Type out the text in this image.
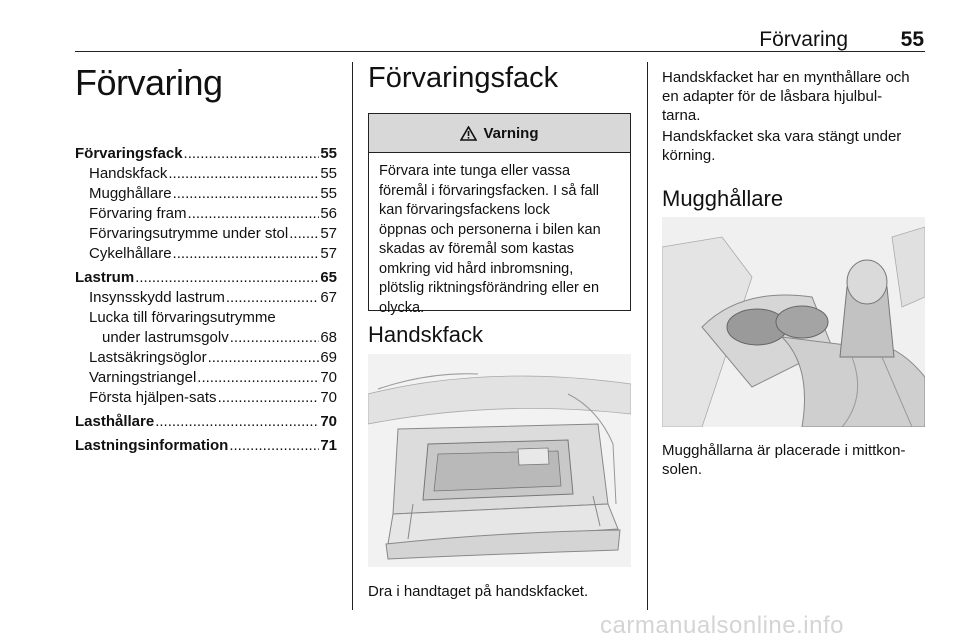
Förvaring	55
Förvaring
Förvaringsfack .....	55
Handskfack .....	55
Mugghållare .....	55
Förvaring fram .....	56
Förvaringsutrymme under stol ..... 57
Cykelhållare .....	57
Lastrum .....	65
Insynsskydd lastrum .....	67
Lucka till förvaringsutrymme
under lastrumsgolv .....	68
Lastsäkringsöglor .....	69
Varningstriangel .....	70
Första hjälpen-sats .....	70
Lasthållare .....	70
Lastningsinformation .....	71
Förvaringsfack
Varning
Förvara inte tunga eller vassa
föremål i förvaringsfacken. I så fall
kan förvaringsfackens lock
öppnas och personerna i bilen kan
skadas av föremål som kastas
omkring vid hård inbromsning,
plötslig riktningsförändring eller en
olycka.
Handskfack
Dra i handtaget på handskfacket.
Handskfacket har en mynthållare och
en adapter för de låsbara hjulbul-
tarna.
Handskfacket ska vara stängt under
körning.
Mugghållare
Mugghållarna är placerade i mittkon-
solen.
carmanualsonline.info
